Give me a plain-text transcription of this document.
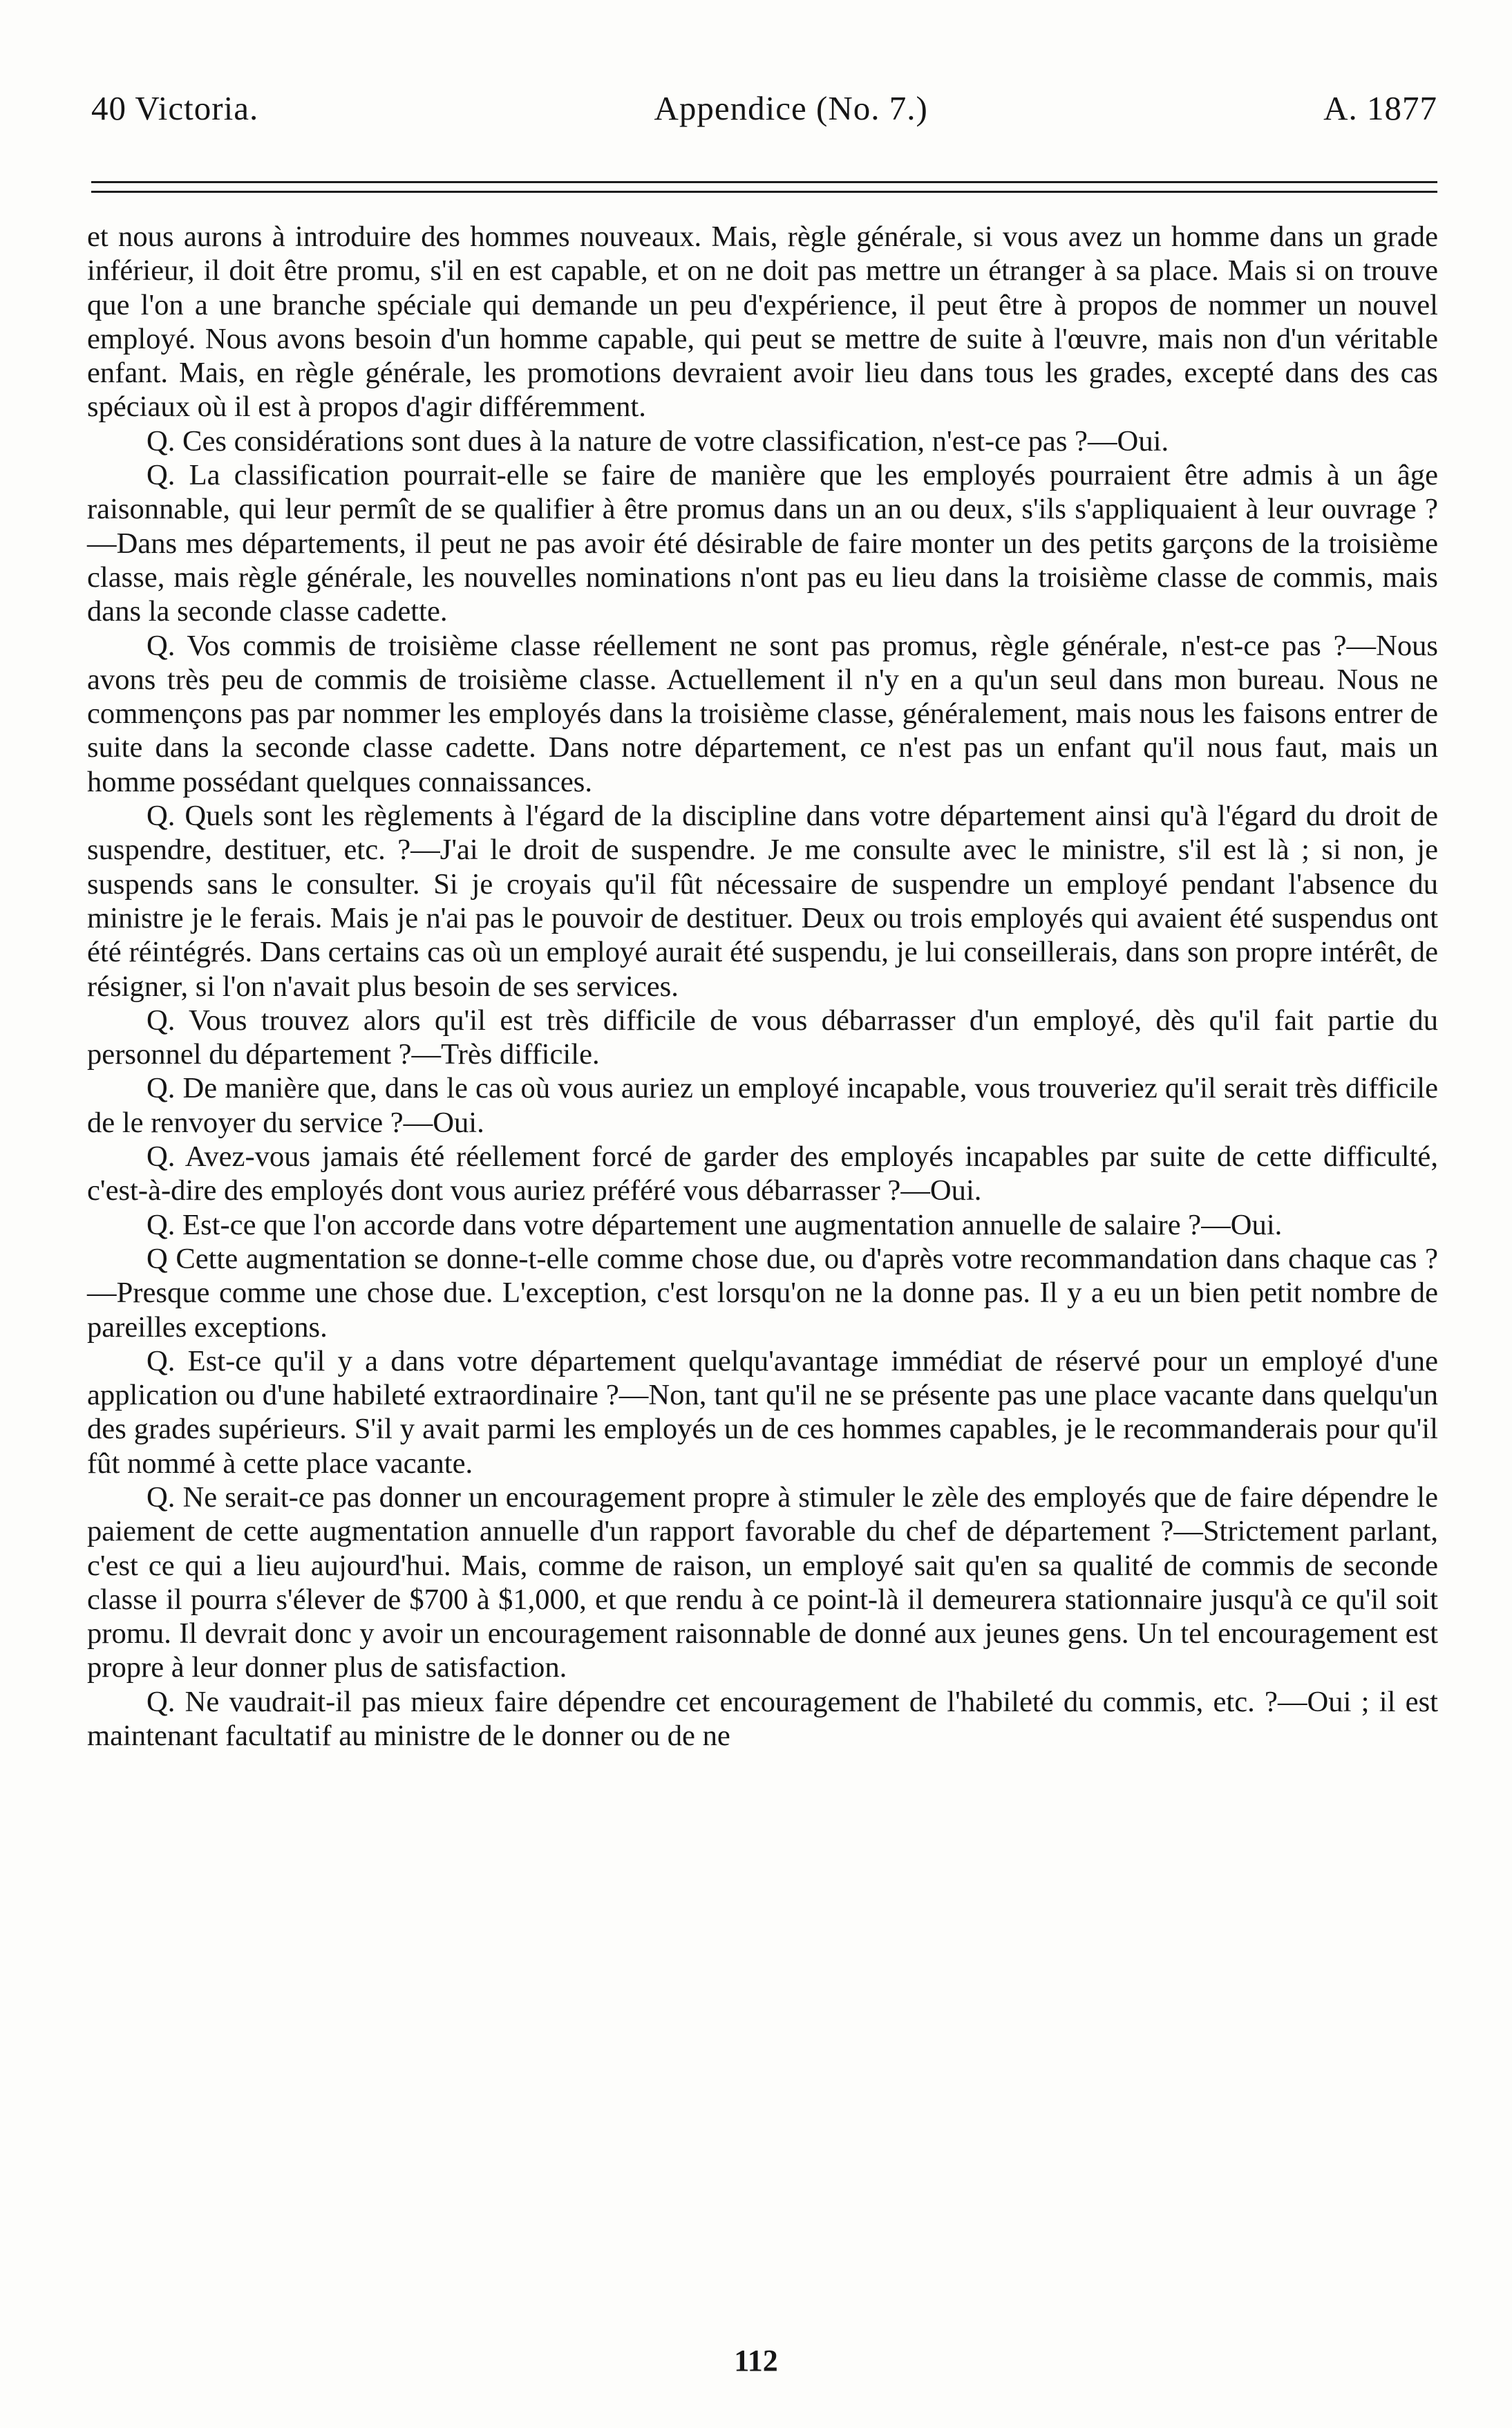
40 Victoria.	Appendice (No. 7.)	A. 1877

et nous aurons à introduire des hommes nouveaux. Mais, règle générale, si vous avez un homme dans un grade inférieur, il doit être promu, s'il en est capable, et on ne doit pas mettre un étranger à sa place. Mais si on trouve que l'on a une branche spéciale qui demande un peu d'expérience, il peut être à propos de nommer un nouvel employé. Nous avons besoin d'un homme capable, qui peut se mettre de suite à l'œuvre, mais non d'un véritable enfant. Mais, en règle générale, les promotions devraient avoir lieu dans tous les grades, excepté dans des cas spéciaux où il est à propos d'agir différemment.

Q. Ces considérations sont dues à la nature de votre classification, n'est-ce pas ?—Oui.

Q. La classification pourrait-elle se faire de manière que les employés pourraient être admis à un âge raisonnable, qui leur permît de se qualifier à être promus dans un an ou deux, s'ils s'appliquaient à leur ouvrage ?—Dans mes départements, il peut ne pas avoir été désirable de faire monter un des petits garçons de la troisième classe, mais règle générale, les nouvelles nominations n'ont pas eu lieu dans la troisième classe de commis, mais dans la seconde classe cadette.

Q. Vos commis de troisième classe réellement ne sont pas promus, règle générale, n'est-ce pas ?—Nous avons très peu de commis de troisième classe. Actuellement il n'y en a qu'un seul dans mon bureau. Nous ne commençons pas par nommer les employés dans la troisième classe, généralement, mais nous les faisons entrer de suite dans la seconde classe cadette. Dans notre département, ce n'est pas un enfant qu'il nous faut, mais un homme possédant quelques connaissances.

Q. Quels sont les règlements à l'égard de la discipline dans votre département ainsi qu'à l'égard du droit de suspendre, destituer, etc. ?—J'ai le droit de suspendre. Je me consulte avec le ministre, s'il est là ; si non, je suspends sans le consulter. Si je croyais qu'il fût nécessaire de suspendre un employé pendant l'absence du ministre je le ferais. Mais je n'ai pas le pouvoir de destituer. Deux ou trois employés qui avaient été suspendus ont été réintégrés. Dans certains cas où un employé aurait été suspendu, je lui conseillerais, dans son propre intérêt, de résigner, si l'on n'avait plus besoin de ses services.

Q. Vous trouvez alors qu'il est très difficile de vous débarrasser d'un employé, dès qu'il fait partie du personnel du département ?—Très difficile.

Q. De manière que, dans le cas où vous auriez un employé incapable, vous trouveriez qu'il serait très difficile de le renvoyer du service ?—Oui.

Q. Avez-vous jamais été réellement forcé de garder des employés incapables par suite de cette difficulté, c'est-à-dire des employés dont vous auriez préféré vous débarrasser ?—Oui.

Q. Est-ce que l'on accorde dans votre département une augmentation annuelle de salaire ?—Oui.

Q Cette augmentation se donne-t-elle comme chose due, ou d'après votre recommandation dans chaque cas ?—Presque comme une chose due. L'exception, c'est lorsqu'on ne la donne pas. Il y a eu un bien petit nombre de pareilles exceptions.

Q. Est-ce qu'il y a dans votre département quelqu'avantage immédiat de réservé pour un employé d'une application ou d'une habileté extraordinaire ?—Non, tant qu'il ne se présente pas une place vacante dans quelqu'un des grades supérieurs. S'il y avait parmi les employés un de ces hommes capables, je le recommanderais pour qu'il fût nommé à cette place vacante.

Q. Ne serait-ce pas donner un encouragement propre à stimuler le zèle des employés que de faire dépendre le paiement de cette augmentation annuelle d'un rapport favorable du chef de département ?—Strictement parlant, c'est ce qui a lieu aujourd'hui. Mais, comme de raison, un employé sait qu'en sa qualité de commis de seconde classe il pourra s'élever de $700 à $1,000, et que rendu à ce point-là il demeurera stationnaire jusqu'à ce qu'il soit promu. Il devrait donc y avoir un encouragement raisonnable de donné aux jeunes gens. Un tel encouragement est propre à leur donner plus de satisfaction.

Q. Ne vaudrait-il pas mieux faire dépendre cet encouragement de l'habileté du commis, etc. ?—Oui ; il est maintenant facultatif au ministre de le donner ou de ne

112
